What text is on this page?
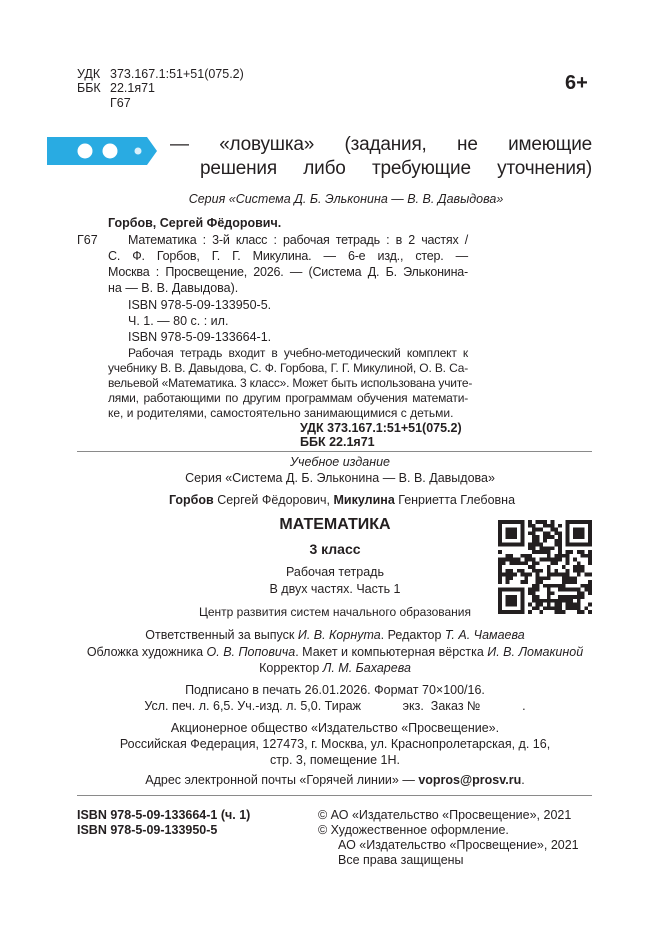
УДК 373.167.1:51+51(075.2)
ББК 22.1я71
Г67
6+
— «ловушка» (задания, не имеющие
решения либо требующие уточнения)
Серия «Система Д. Б. Эльконина — В. В. Давыдова»
Горбов, Сергей Фёдорович.
Г67 Математика : 3-й класс : рабочая тетрадь : в 2 частях /
С. Ф. Горбов, Г. Г. Микулина. — 6-е изд., стер. —
Москва : Просвещение, 2026. — (Система Д. Б. Эльконина-
на — В. В. Давыдова).
ISBN 978-5-09-133950-5.
Ч. 1. — 80 с. : ил.
ISBN 978-5-09-133664-1.
Рабочая тетрадь входит в учебно-методический комплект к
учебнику В. В. Давыдова, С. Ф. Горбова, Г. Г. Микулиной, О. В. Са-
вельевой «Математика. 3 класс». Может быть использована учите-
лями, работающими по другим программам обучения математи-
ке, и родителями, самостоятельно занимающимися с детьми.
УДК 373.167.1:51+51(075.2)
ББК 22.1я71
Учебное издание
Серия «Система Д. Б. Эльконина — В. В. Давыдова»
Горбов Сергей Фёдорович, Микулина Генриетта Глебовна
МАТЕМАТИКА
3 класс
Рабочая тетрадь
В двух частях. Часть 1
Центр развития систем начального образования
Ответственный за выпуск И. В. Корнута. Редактор Т. А. Чамаева
Обложка художника О. В. Поповича. Макет и компьютерная вёрстка И. В. Ломакиной
Корректор Л. М. Бахарева
Подписано в печать 26.01.2026. Формат 70×100/16.
Усл. печ. л. 6,5. Уч.-изд. л. 5,0. Тираж            экз.  Заказ №            .
Акционерное общество «Издательство «Просвещение».
Российская Федерация, 127473, г. Москва, ул. Краснопролетарская, д. 16,
стр. 3, помещение 1Н.
Адрес электронной почты «Горячей линии» — vopros@prosv.ru.
ISBN 978-5-09-133664-1 (ч. 1)
ISBN 978-5-09-133950-5
© АО «Издательство «Просвещение», 2021
© Художественное оформление.
АО «Издательство «Просвещение», 2021
Все права защищены
